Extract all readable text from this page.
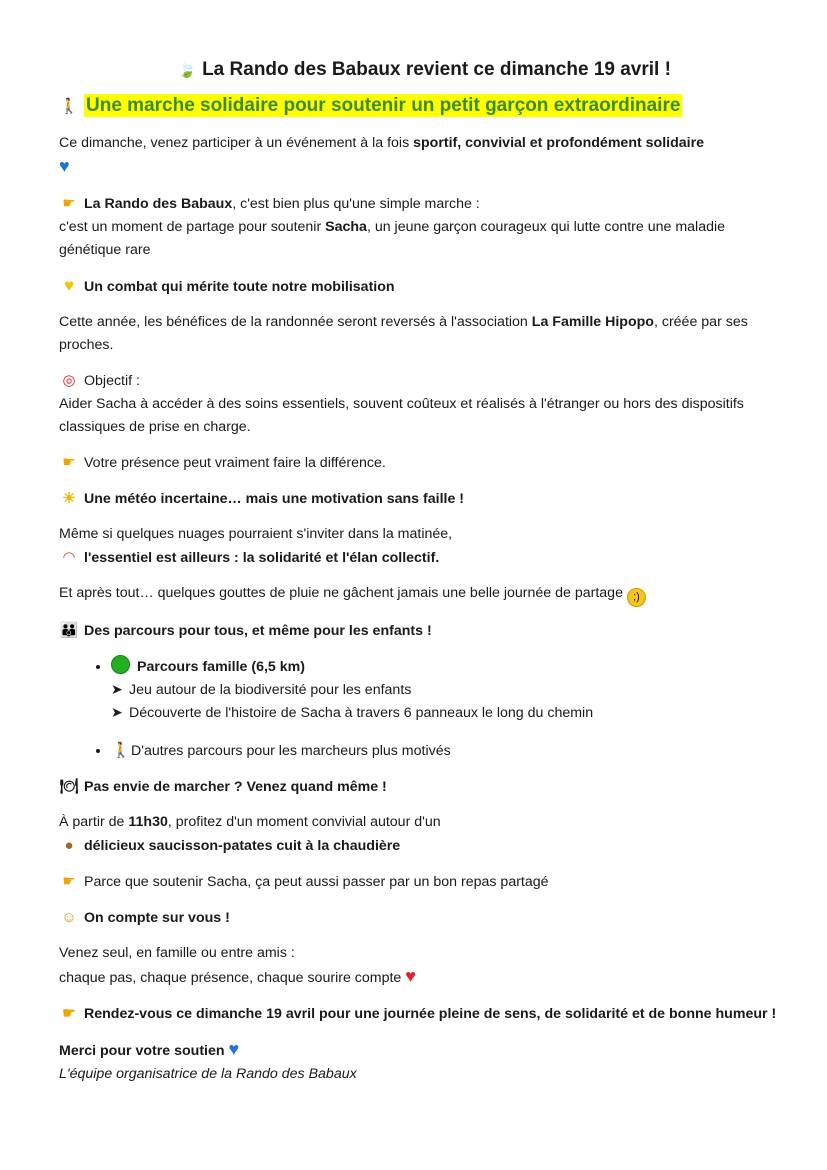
🍃 La Rando des Babaux revient ce dimanche 19 avril !
🚶 Une marche solidaire pour soutenir un petit garçon extraordinaire

Ce dimanche, venez participer à un événement à la fois sportif, convivial et profondément solidaire
♥

☛ La Rando des Babaux, c'est bien plus qu'une simple marche :
c'est un moment de partage pour soutenir Sacha, un jeune garçon courageux qui lutte contre une maladie génétique rare

♥ Un combat qui mérite toute notre mobilisation

Cette année, les bénéfices de la randonnée seront reversés à l'association La Famille Hipopo, créée par ses proches.

◎ Objectif :
Aider Sacha à accéder à des soins essentiels, souvent coûteux et réalisés à l'étranger ou hors des dispositifs classiques de prise en charge.

☛ Votre présence peut vraiment faire la différence.

☀ Une météo incertaine… mais une motivation sans faille !

Même si quelques nuages pourraient s'inviter dans la matinée,
◠ l'essentiel est ailleurs : la solidarité et l'élan collectif.

Et après tout… quelques gouttes de pluie ne gâchent jamais une belle journée de partage ;)

👪 Des parcours pour tous, et même pour les enfants !

• Parcours famille (6,5 km)
➤ Jeu autour de la biodiversité pour les enfants
➤ Découverte de l'histoire de Sacha à travers 6 panneaux le long du chemin
• 🚶D'autres parcours pour les marcheurs plus motivés

🍽 Pas envie de marcher ? Venez quand même !

À partir de 11h30, profitez d'un moment convivial autour d'un
● délicieux saucisson-patates cuit à la chaudière

☛ Parce que soutenir Sacha, ça peut aussi passer par un bon repas partagé

☺ On compte sur vous !

Venez seul, en famille ou entre amis :
chaque pas, chaque présence, chaque sourire compte ♥

☛ Rendez-vous ce dimanche 19 avril pour une journée pleine de sens, de solidarité et de bonne humeur !

Merci pour votre soutien ♥
L'équipe organisatrice de la Rando des Babaux
